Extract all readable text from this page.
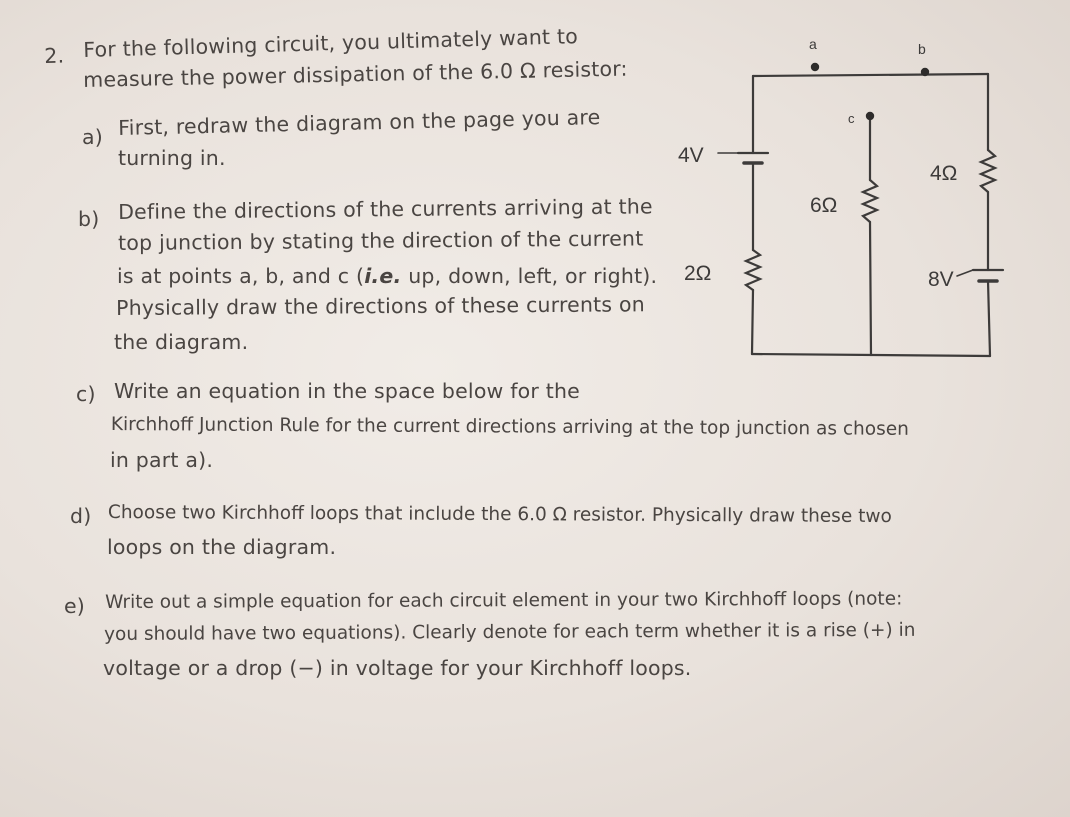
2. For the following circuit, you ultimately want to
measure the power dissipation of the 6.0 Ω resistor:
a) First, redraw the diagram on the page you are
turning in.
b) Define the directions of the currents arriving at the
top junction by stating the direction of the current
is at points a, b, and c (i.e. up, down, left, or right).
Physically draw the directions of these currents on
the diagram.
c) Write an equation in the space below for the
Kirchhoff Junction Rule for the current directions arriving at the top junction as chosen
in part a).
d) Choose two Kirchhoff loops that include the 6.0 Ω resistor. Physically draw these two
loops on the diagram.
e) Write out a simple equation for each circuit element in your two Kirchhoff loops (note:
you should have two equations). Clearly denote for each term whether it is a rise (+) in
voltage or a drop (−) in voltage for your Kirchhoff loops.
a	b
c
4V
2Ω
6Ω
4Ω
8V
